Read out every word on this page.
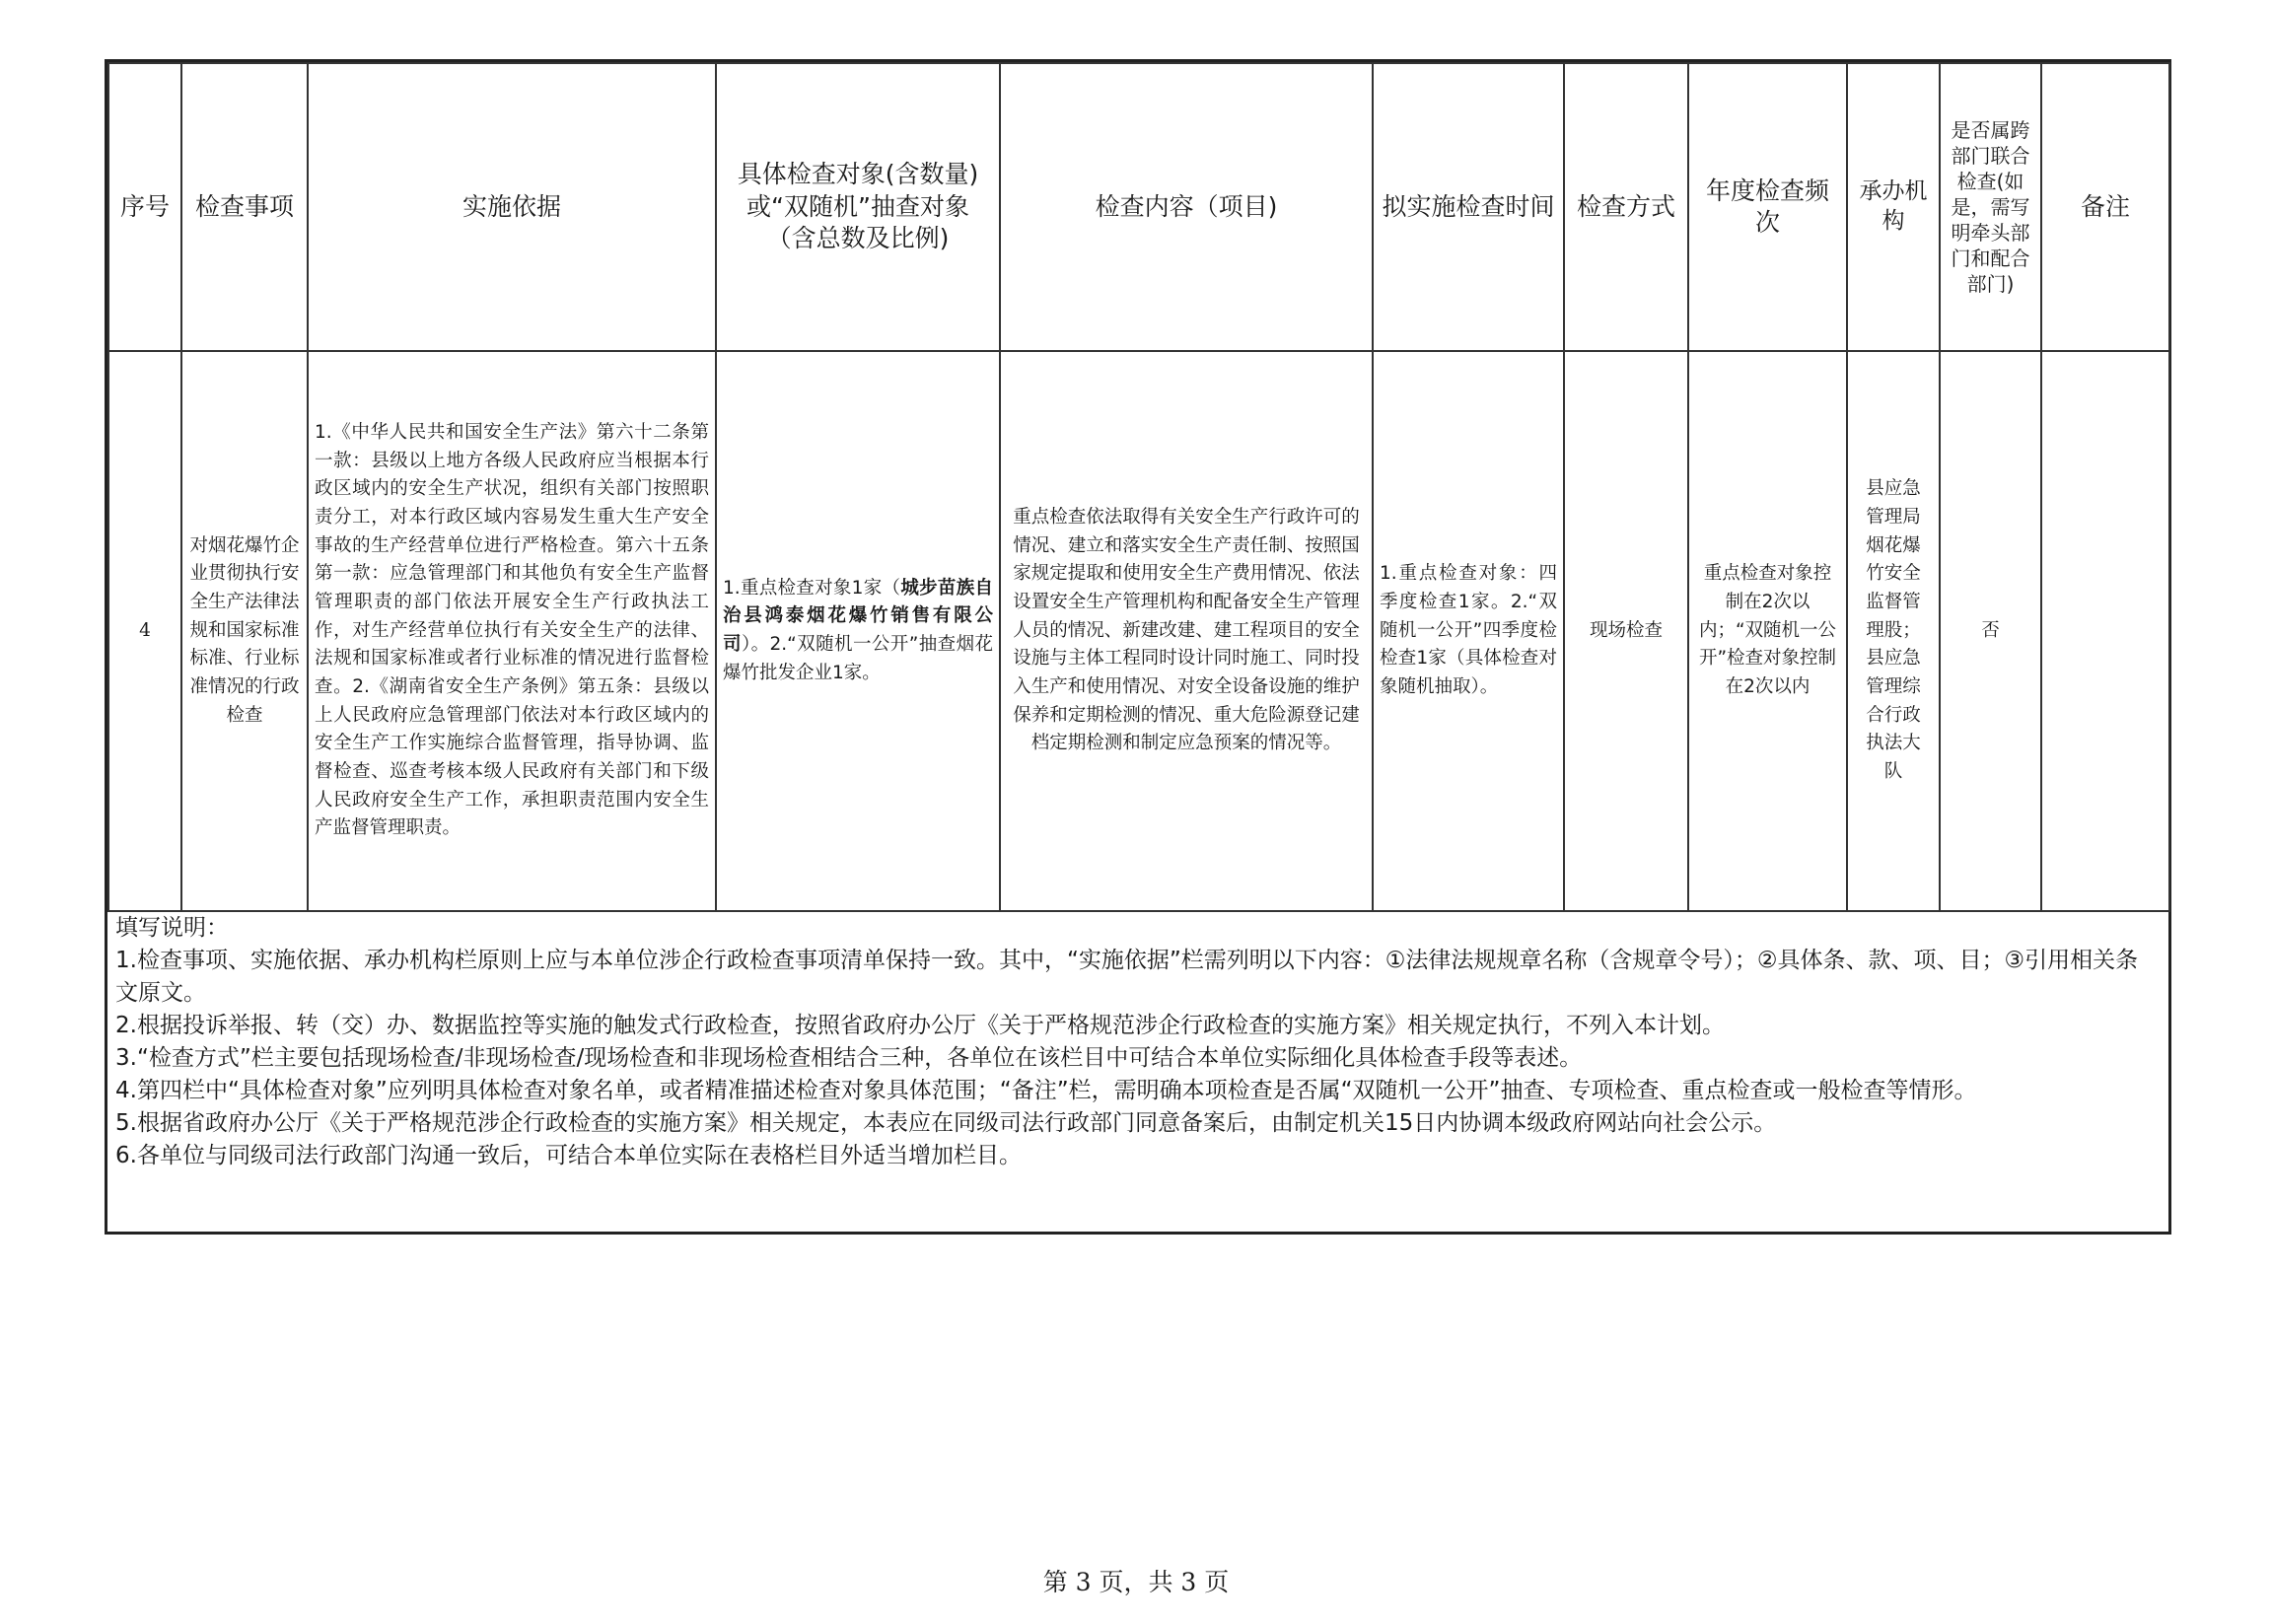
序号	检查事项	实施依据	具体检查对象(含数量)或“双随机”抽查对象（含总数及比例)	检查内容（项目)	拟实施检查时间	检查方式	年度检查频次	承办机构	是否属跨部门联合检查(如是，需写明牵头部门和配合部门)	备注
4	对烟花爆竹企业贯彻执行安全生产法律法规和国家标准标准、行业标准情况的行政检查	1.《中华人民共和国安全生产法》第六十二条第一款：县级以上地方各级人民政府应当根据本行政区域内的安全生产状况，组织有关部门按照职责分工，对本行政区域内容易发生重大生产安全事故的生产经营单位进行严格检查。第六十五条第一款：应急管理部门和其他负有安全生产监督管理职责的部门依法开展安全生产行政执法工作，对生产经营单位执行有关安全生产的法律、法规和国家标准或者行业标准的情况进行监督检查。2.《湖南省安全生产条例》第五条：县级以上人民政府应急管理部门依法对本行政区域内的安全生产工作实施综合监督管理，指导协调、监督检查、巡查考核本级人民政府有关部门和下级人民政府安全生产工作，承担职责范围内安全生产监督管理职责。	1.重点检查对象1家（城步苗族自治县鸿泰烟花爆竹销售有限公司）。2.“双随机一公开”抽查烟花爆竹批发企业1家。	重点检查依法取得有关安全生产行政许可的情况、建立和落实安全生产责任制、按照国家规定提取和使用安全生产费用情况、依法设置安全生产管理机构和配备安全生产管理人员的情况、新建改建、建工程项目的安全设施与主体工程同时设计同时施工、同时投入生产和使用情况、对安全设备设施的维护保养和定期检测的情况、重大危险源登记建档定期检测和制定应急预案的情况等。	1.重点检查对象：四季度检查1家。2.“双随机一公开”四季度检检查1家（具体检查对象随机抽取）。	现场检查	重点检查对象控制在2次以内；“双随机一公开”检查对象控制在2次以内	县应急管理局烟花爆竹安全监督管理股；县应急管理综合行政执法大队	否	
填写说明：
1.检查事项、实施依据、承办机构栏原则上应与本单位涉企行政检查事项清单保持一致。其中，“实施依据”栏需列明以下内容：①法律法规规章名称（含规章令号）；②具体条、款、项、目；③引用相关条文原文。
2.根据投诉举报、转（交）办、数据监控等实施的触发式行政检查，按照省政府办公厅《关于严格规范涉企行政检查的实施方案》相关规定执行，不列入本计划。
3.“检查方式”栏主要包括现场检查/非现场检查/现场检查和非现场检查相结合三种，各单位在该栏目中可结合本单位实际细化具体检查手段等表述。
4.第四栏中“具体检查对象”应列明具体检查对象名单，或者精准描述检查对象具体范围；“备注”栏，需明确本项检查是否属“双随机一公开”抽查、专项检查、重点检查或一般检查等情形。
5.根据省政府办公厅《关于严格规范涉企行政检查的实施方案》相关规定，本表应在同级司法行政部门同意备案后，由制定机关15日内协调本级政府网站向社会公示。
6.各单位与同级司法行政部门沟通一致后，可结合本单位实际在表格栏目外适当增加栏目。
第 3 页，共 3 页
